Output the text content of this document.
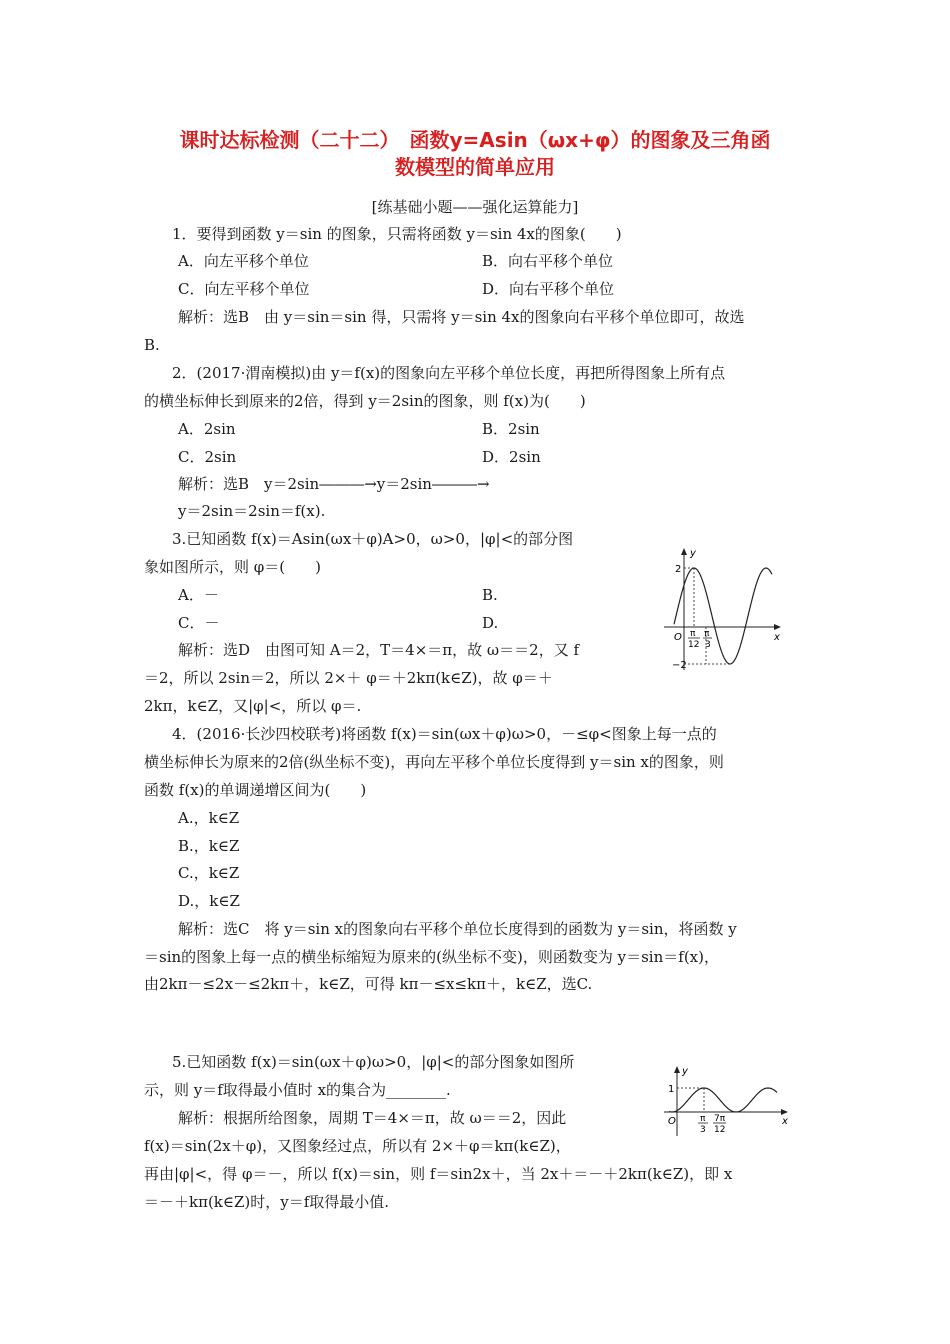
课时达标检测（二十二）　函数y=Asin（ωx+φ）的图象及三角函
数模型的简单应用
[练基础小题——强化运算能力]
1．要得到函数 y＝sin 的图象，只需将函数 y＝sin 4x的图象(　　)
A．向左平移个单位	B．向右平移个单位
C．向左平移个单位	D．向右平移个单位
解析：选B　由 y＝sin＝sin 得，只需将 y＝sin 4x的图象向右平移个单位即可，故选
B.
2．(2017·渭南模拟)由 y＝f(x)的图象向左平移个单位长度，再把所得图象上所有点
的横坐标伸长到原来的2倍，得到 y＝2sin的图象，则 f(x)为(　　)
A．2sin	B．2sin
C．2sin	D．2sin
解析：选B　y＝2sin―――→y＝2sin―――→
y＝2sin＝2sin＝f(x).
3.已知函数 f(x)＝Asin(ωx＋φ)A>0，ω>0，|φ|<的部分图
象如图所示，则 φ＝(　　)
A．－	B.
C．－	D.
解析：选D　由图可知 A＝2，T＝4×＝π，故 ω＝＝2，又 f
＝2，所以 2sin＝2，所以 2×＋ φ＝＋2kπ(k∈Z)，故 φ＝＋
2kπ，k∈Z，又|φ|<，所以 φ＝.
y
x
O
2
−2
π
12
π
3
4．(2016·长沙四校联考)将函数 f(x)＝sin(ωx＋φ)ω>0，－≤φ<图象上每一点的
横坐标伸长为原来的2倍(纵坐标不变)，再向左平移个单位长度得到 y＝sin x的图象，则
函数 f(x)的单调递增区间为(　　)
A.，k∈Z
B.，k∈Z
C.，k∈Z
D.，k∈Z
解析：选C　将 y＝sin x的图象向右平移个单位长度得到的函数为 y＝sin，将函数 y
＝sin的图象上每一点的横坐标缩短为原来的(纵坐标不变)，则函数变为 y＝sin＝f(x)，
由2kπ－≤2x－≤2kπ＋，k∈Z，可得 kπ－≤x≤kπ＋，k∈Z，选C.
5.已知函数 f(x)＝sin(ωx＋φ)ω>0，|φ|<的部分图象如图所
示，则 y＝f取得最小值时 x的集合为________.
解析：根据所给图象，周期 T＝4×＝π，故 ω＝＝2，因此
f(x)＝sin(2x＋φ)，又图象经过点，所以有 2×＋φ＝kπ(k∈Z)，
再由|φ|<，得 φ＝－，所以 f(x)＝sin，则 f＝sin2x＋，当 2x＋＝－＋2kπ(k∈Z)，即 x
＝－＋kπ(k∈Z)时，y＝f取得最小值.
y
x
O
1
π
3
7π
12
